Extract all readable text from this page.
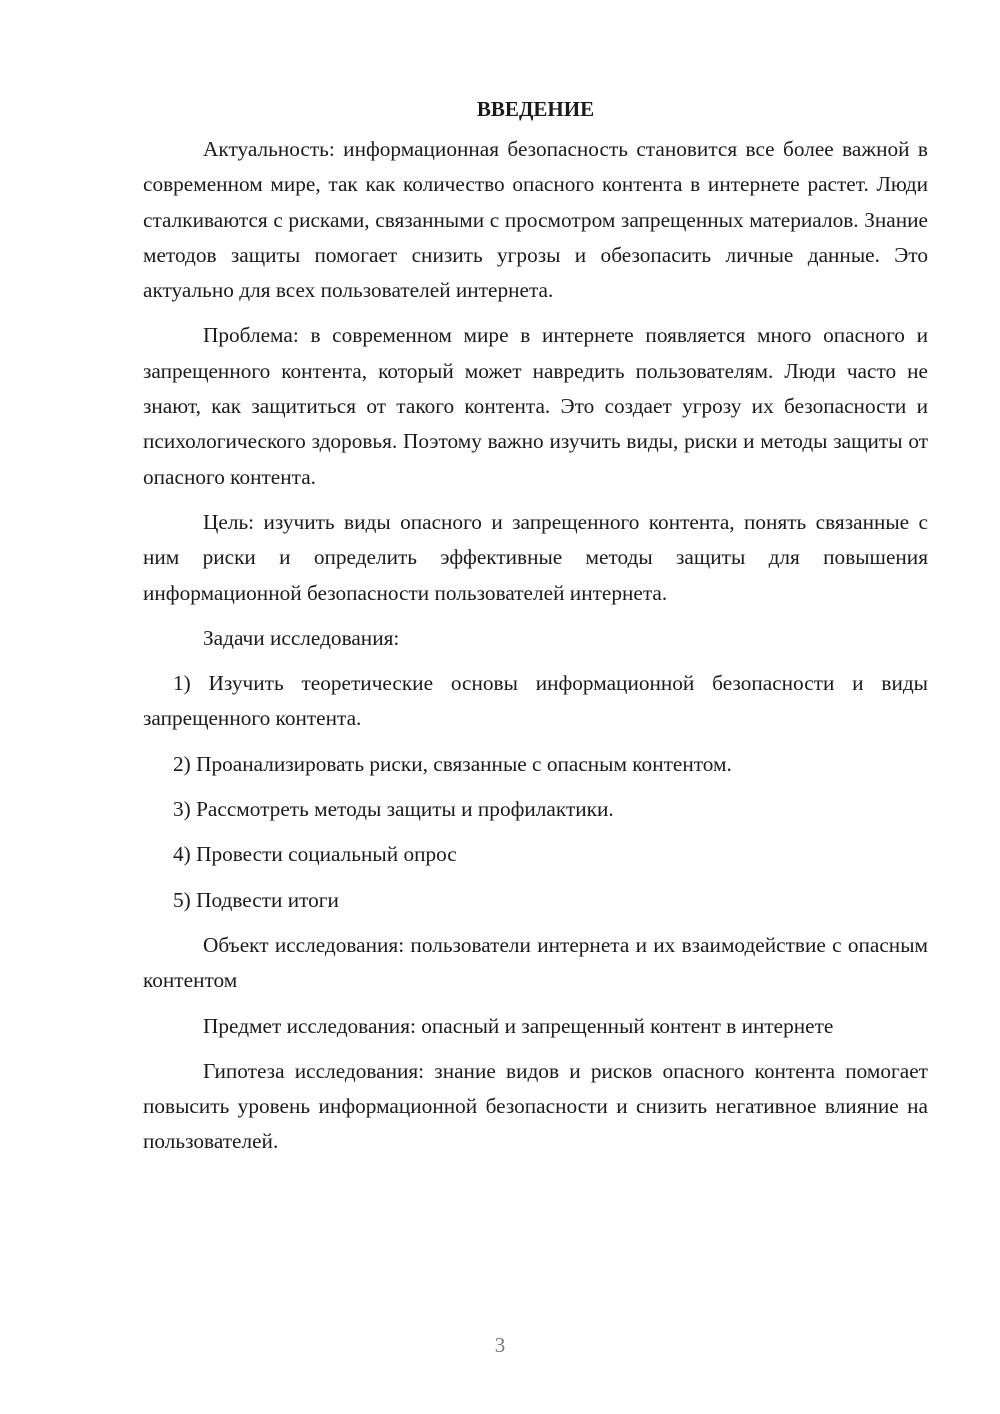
ВВЕДЕНИЕ

Актуальность: информационная безопасность становится все более важной в современном мире, так как количество опасного контента в интернете растет. Люди сталкиваются с рисками, связанными с просмотром запрещенных материалов. Знание методов защиты помогает снизить угрозы и обезопасить личные данные. Это актуально для всех пользователей интернета.

Проблема: в современном мире в интернете появляется много опасного и запрещенного контента, который может навредить пользователям. Люди часто не знают, как защититься от такого контента. Это создает угрозу их безопасности и психологического здоровья. Поэтому важно изучить виды, риски и методы защиты от опасного контента.

Цель: изучить виды опасного и запрещенного контента, понять связанные с ним риски и определить эффективные методы защиты для повышения информационной безопасности пользователей интернета.

Задачи исследования:

1) Изучить теоретические основы информационной безопасности и виды запрещенного контента.

2) Проанализировать риски, связанные с опасным контентом.

3) Рассмотреть методы защиты и профилактики.

4) Провести социальный опрос

5) Подвести итоги

Объект исследования: пользователи интернета и их взаимодействие с опасным контентом

Предмет исследования: опасный и запрещенный контент в интернете

Гипотеза исследования: знание видов и рисков опасного контента помогает повысить уровень информационной безопасности и снизить негативное влияние на пользователей.

3
